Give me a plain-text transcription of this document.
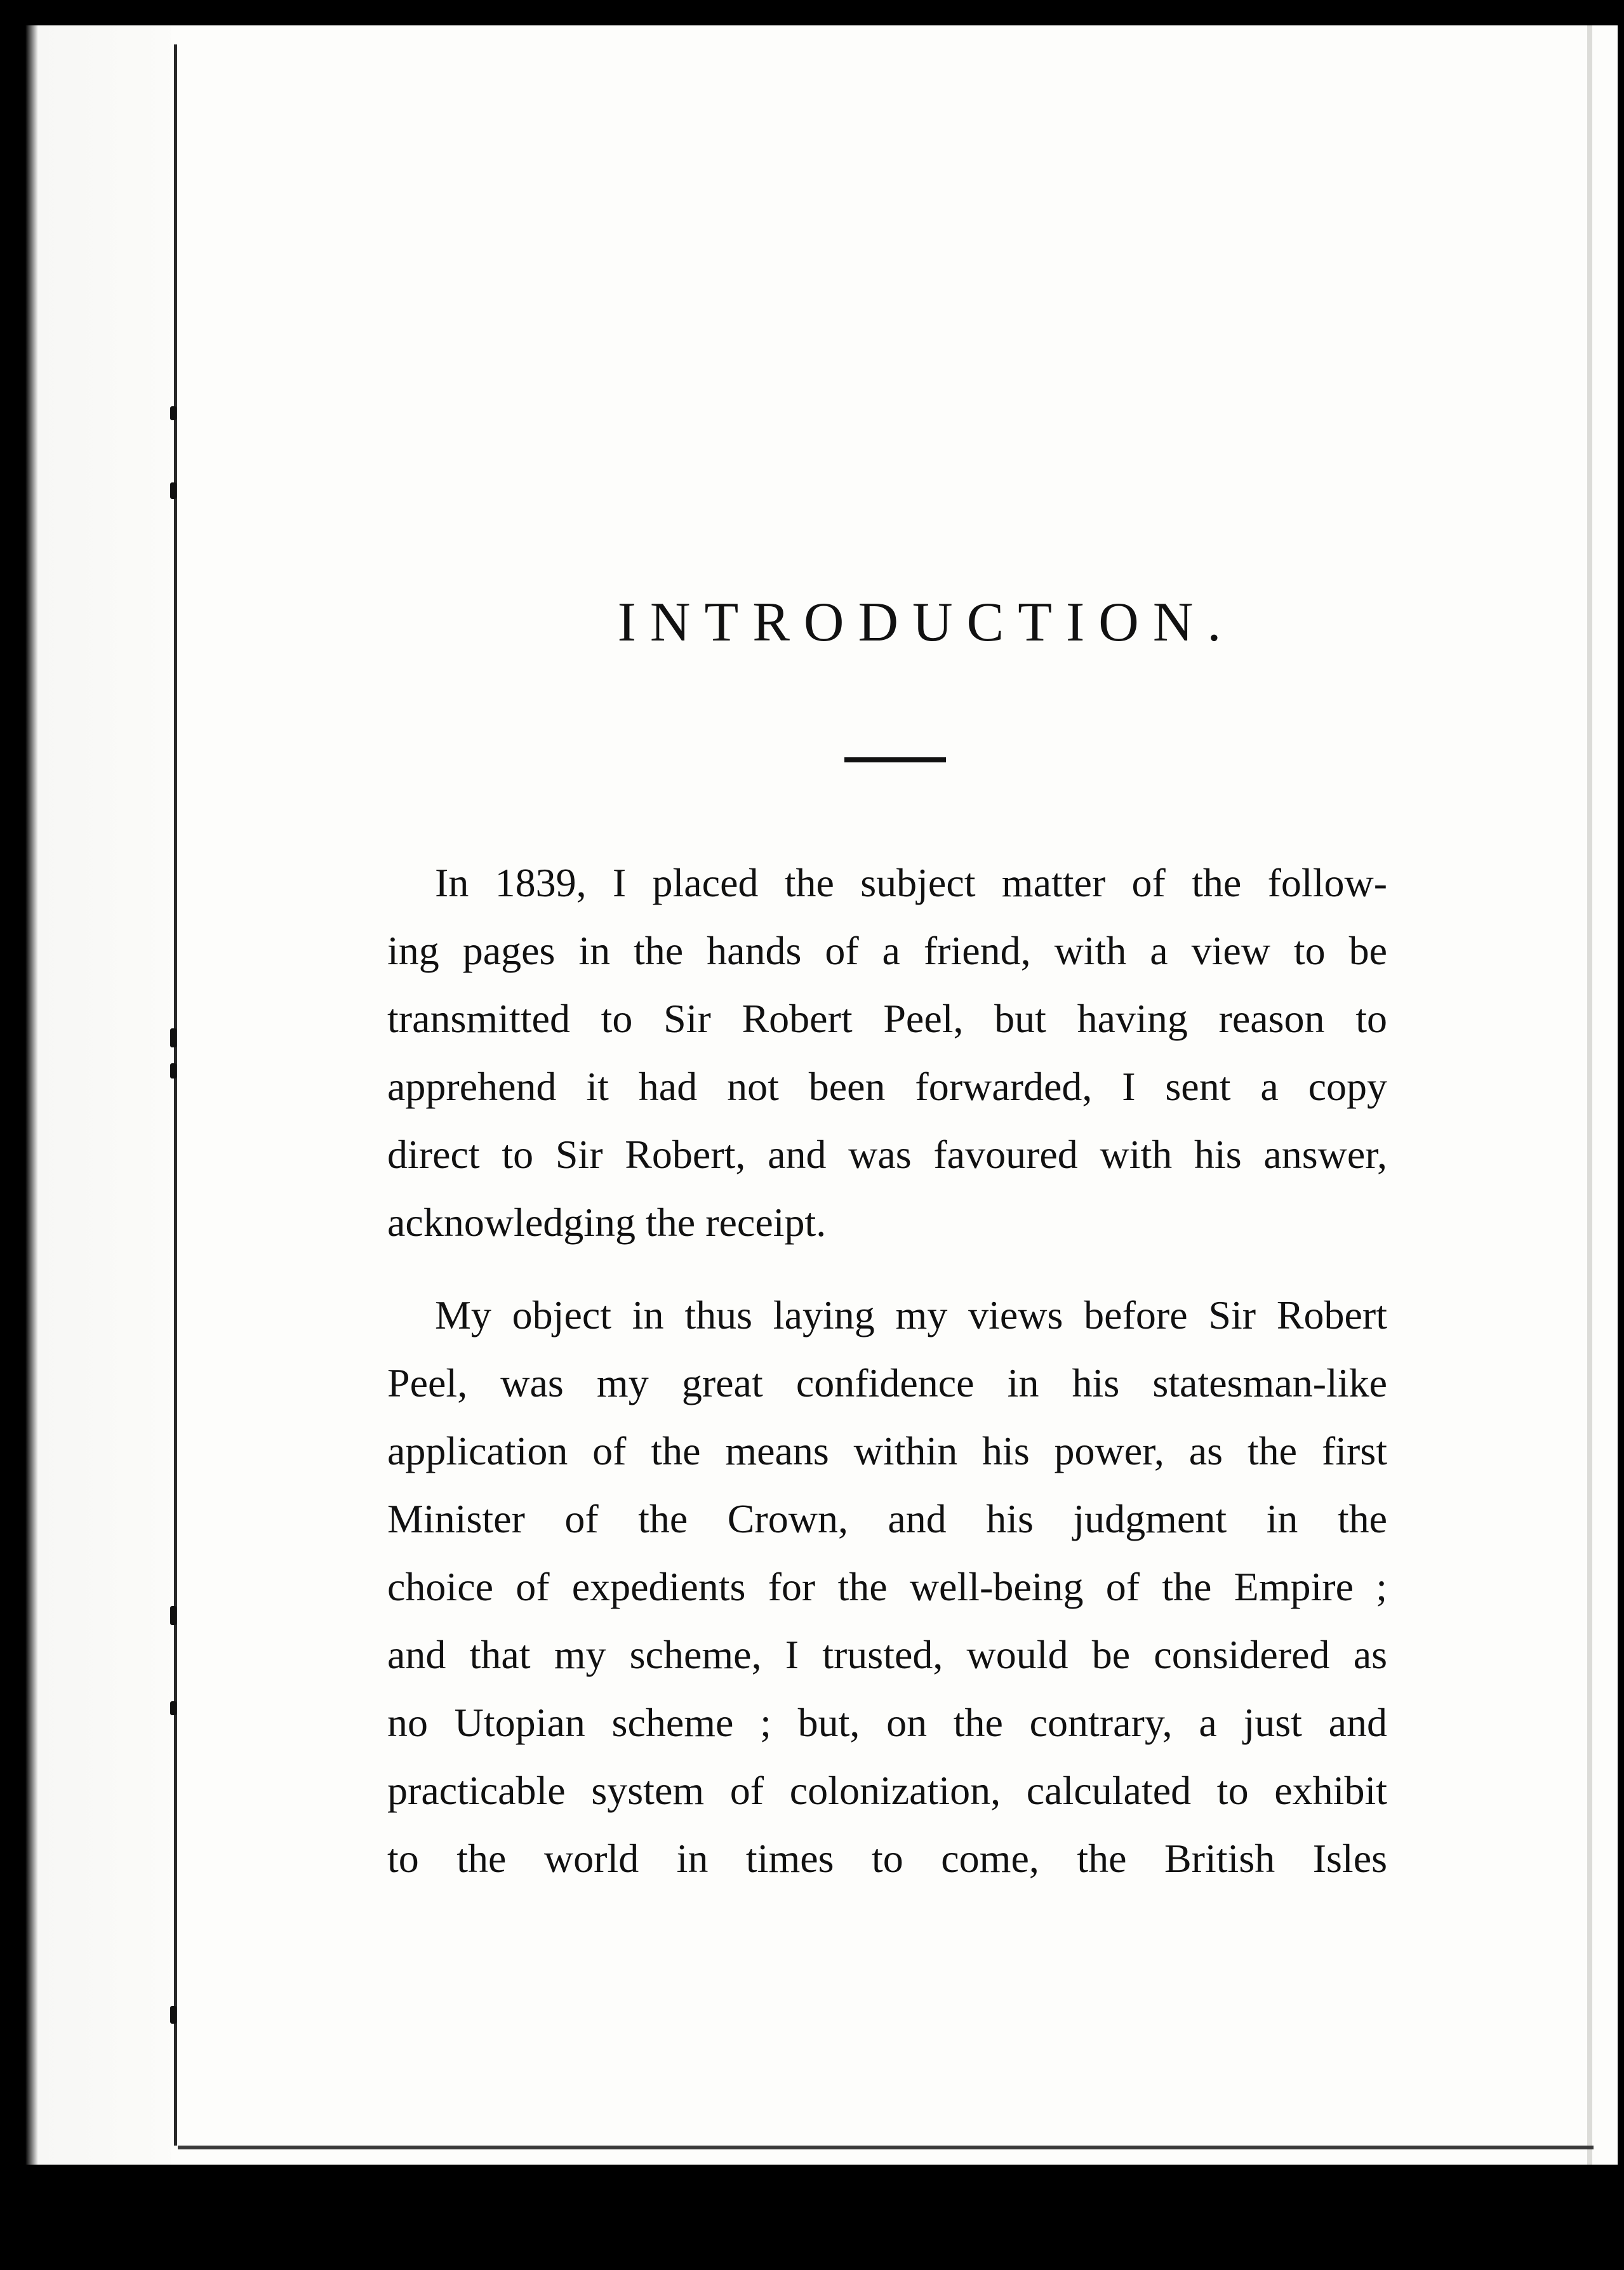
INTRODUCTION.
In 1839, I placed the subject matter of the follow-
ing pages in the hands of a friend, with a view to be
transmitted to Sir Robert Peel, but having reason to
apprehend it had not been forwarded, I sent a copy
direct to Sir Robert, and was favoured with his answer,
acknowledging the receipt.
My object in thus laying my views before Sir Robert
Peel, was my great confidence in his statesman-like
application of the means within his power, as the first
Minister of the Crown, and his judgment in the
choice of expedients for the well-being of the Empire ;
and that my scheme, I trusted, would be considered as
no Utopian scheme ; but, on the contrary, a just and
practicable system of colonization, calculated to exhibit
to the world in times to come, the British Isles
